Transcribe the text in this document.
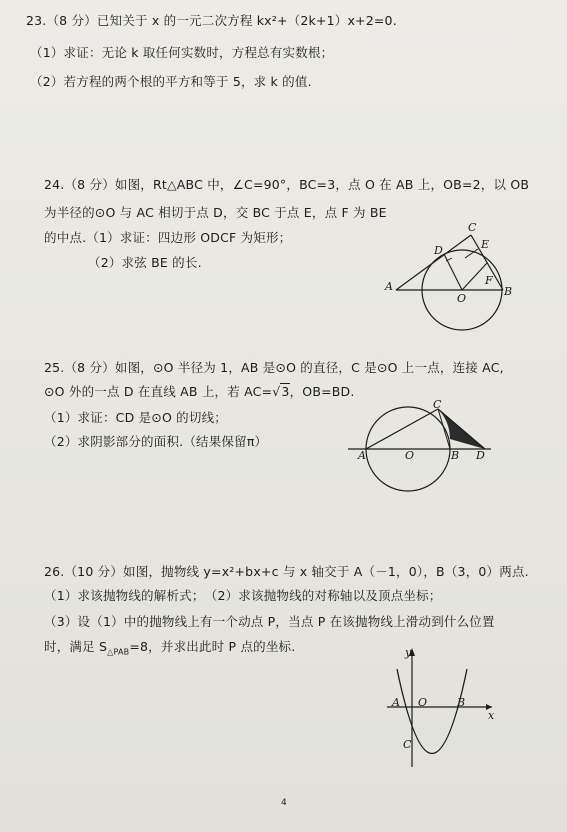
23.（8 分）已知关于 x 的一元二次方程 kx²+（2k+1）x+2=0.
（1）求证：无论 k 取任何实数时，方程总有实数根；
（2）若方程的两个根的平方和等于 5，求 k 的值.
24.（8 分）如图，Rt△ABC 中，∠C=90°，BC=3，点 O 在 AB 上，OB=2，以 OB
为半径的⊙O 与 AC 相切于点 D，交 BC 于点 E，点 F 为 BE
的中点.（1）求证：四边形 ODCF 为矩形；
（2）求弦 BE 的长.
C
D	E
A
O
F
B
25.（8 分）如图，⊙O 半径为 1，AB 是⊙O 的直径，C 是⊙O 上一点，连接 AC,
⊙O 外的一点 D 在直线 AB 上，若 AC=√3，OB=BD.
（1）求证：CD 是⊙O 的切线；
（2）求阴影部分的面积.（结果保留π）
C
A	O	B D
26.（10 分）如图，抛物线 y=x²+bx+c 与 x 轴交于 A（－1，0），B（3，0）两点.
（1）求该抛物线的解析式；　（2）求该抛物线的对称轴以及顶点坐标；
（3）设（1）中的抛物线上有一个动点 P，当点 P 在该抛物线上滑动到什么位置
时，满足 $S_{\triangle PAB}=8$，并求出此时 P 点的坐标.	y
x
A O	B
C
4
